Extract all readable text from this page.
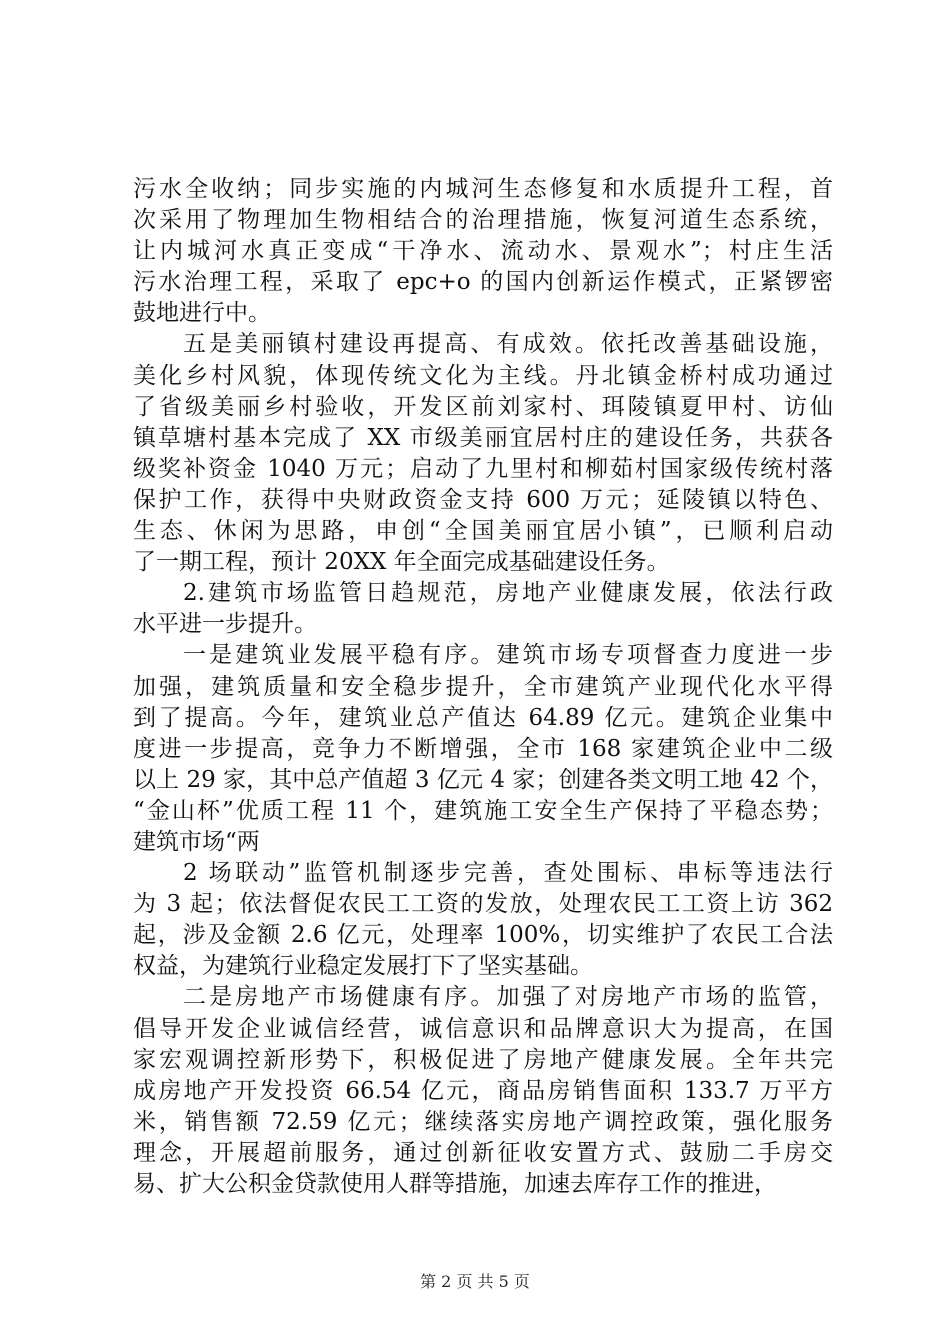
污水全收纳；同步实施的内城河生态修复和水质提升工程，首
次采用了物理加生物相结合的治理措施，恢复河道生态系统，
让内城河水真正变成“干净水、流动水、景观水”；村庄生活
污水治理工程，采取了 epc+o 的国内创新运作模式，正紧锣密
鼓地进行中。
五是美丽镇村建设再提高、有成效。依托改善基础设施，
美化乡村风貌，体现传统文化为主线。丹北镇金桥村成功通过
了省级美丽乡村验收，开发区前刘家村、珥陵镇夏甲村、访仙
镇草塘村基本完成了 XX 市级美丽宜居村庄的建设任务，共获各
级奖补资金 1040 万元；启动了九里村和柳茹村国家级传统村落
保护工作，获得中央财政资金支持 600 万元；延陵镇以特色、
生态、休闲为思路，申创“全国美丽宜居小镇”，已顺利启动
了一期工程，预计 20XX 年全面完成基础建设任务。
2.建筑市场监管日趋规范，房地产业健康发展，依法行政
水平进一步提升。
一是建筑业发展平稳有序。建筑市场专项督查力度进一步
加强，建筑质量和安全稳步提升，全市建筑产业现代化水平得
到了提高。今年，建筑业总产值达 64.89 亿元。建筑企业集中
度进一步提高，竞争力不断增强，全市 168 家建筑企业中二级
以上 29 家，其中总产值超 3 亿元 4 家；创建各类文明工地 42 个，
“金山杯”优质工程 11 个，建筑施工安全生产保持了平稳态势；
建筑市场“两
2 场联动”监管机制逐步完善，查处围标、串标等违法行
为 3 起；依法督促农民工工资的发放，处理农民工工资上访 362
起，涉及金额 2.6 亿元，处理率 100%，切实维护了农民工合法
权益，为建筑行业稳定发展打下了坚实基础。
二是房地产市场健康有序。加强了对房地产市场的监管，
倡导开发企业诚信经营，诚信意识和品牌意识大为提高，在国
家宏观调控新形势下，积极促进了房地产健康发展。全年共完
成房地产开发投资 66.54 亿元，商品房销售面积 133.7 万平方
米，销售额 72.59 亿元；继续落实房地产调控政策，强化服务
理念，开展超前服务，通过创新征收安置方式、鼓励二手房交
易、扩大公积金贷款使用人群等措施，加速去库存工作的推进，
第 2 页 共 5 页
